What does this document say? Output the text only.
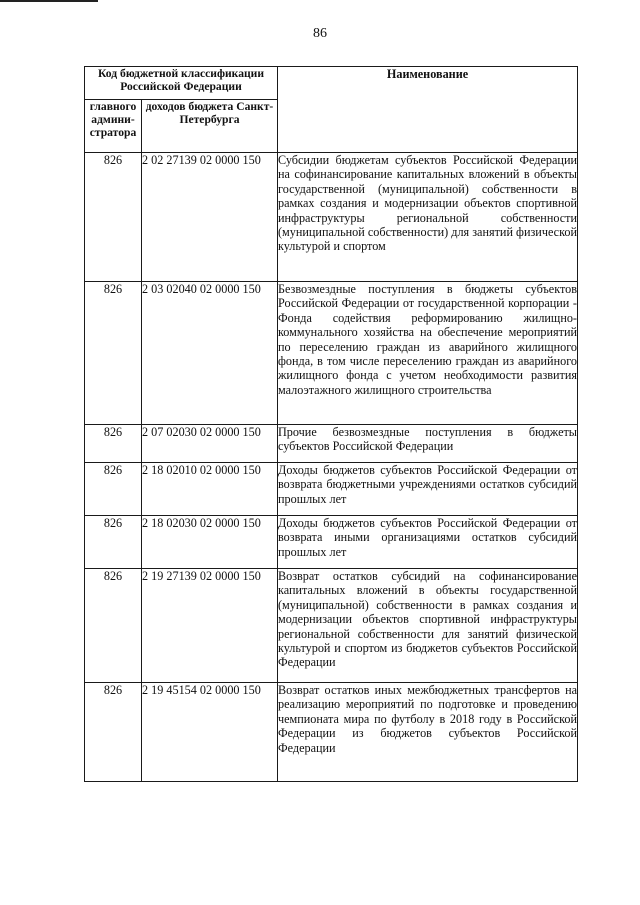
86
Код бюджетной классификации Российской Федерации		Наименование
главного админи-стратора	доходов бюджета Санкт-Петербурга	
826	2 02 27139 02 0000 150	Субсидии бюджетам субъектов Российской Федерации на софинансирование капитальных вложений в объекты государственной (муниципальной) собственности в рамках создания и модернизации объектов спортивной инфраструктуры региональной собственности (муниципальной собственности) для занятий физической культурой и спортом
826	2 03 02040 02 0000 150	Безвозмездные поступления в бюджеты субъектов Российской Федерации от государственной корпорации - Фонда содействия реформированию жилищно-коммунального хозяйства на обеспечение мероприятий по переселению граждан из аварийного жилищного фонда, в том числе переселению граждан из аварийного жилищного фонда с учетом необходимости развития малоэтажного жилищного строительства
826	2 07 02030 02 0000 150	Прочие безвозмездные поступления в бюджеты субъектов Российской Федерации
826	2 18 02010 02 0000 150	Доходы бюджетов субъектов Российской Федерации от возврата бюджетными учреждениями остатков субсидий прошлых лет
826	2 18 02030 02 0000 150	Доходы бюджетов субъектов Российской Федерации от возврата иными организациями остатков субсидий прошлых лет
826	2 19 27139 02 0000 150	Возврат остатков субсидий на софинансирование капитальных вложений в объекты государственной (муниципальной) собственности в рамках создания и модернизации объектов спортивной инфраструктуры региональной собственности для занятий физической культурой и спортом из бюджетов субъектов Российской Федерации
826	2 19 45154 02 0000 150	Возврат остатков иных межбюджетных трансфертов на реализацию мероприятий по подготовке и проведению чемпионата мира по футболу в 2018 году в Российской Федерации из бюджетов субъектов Российской Федерации
